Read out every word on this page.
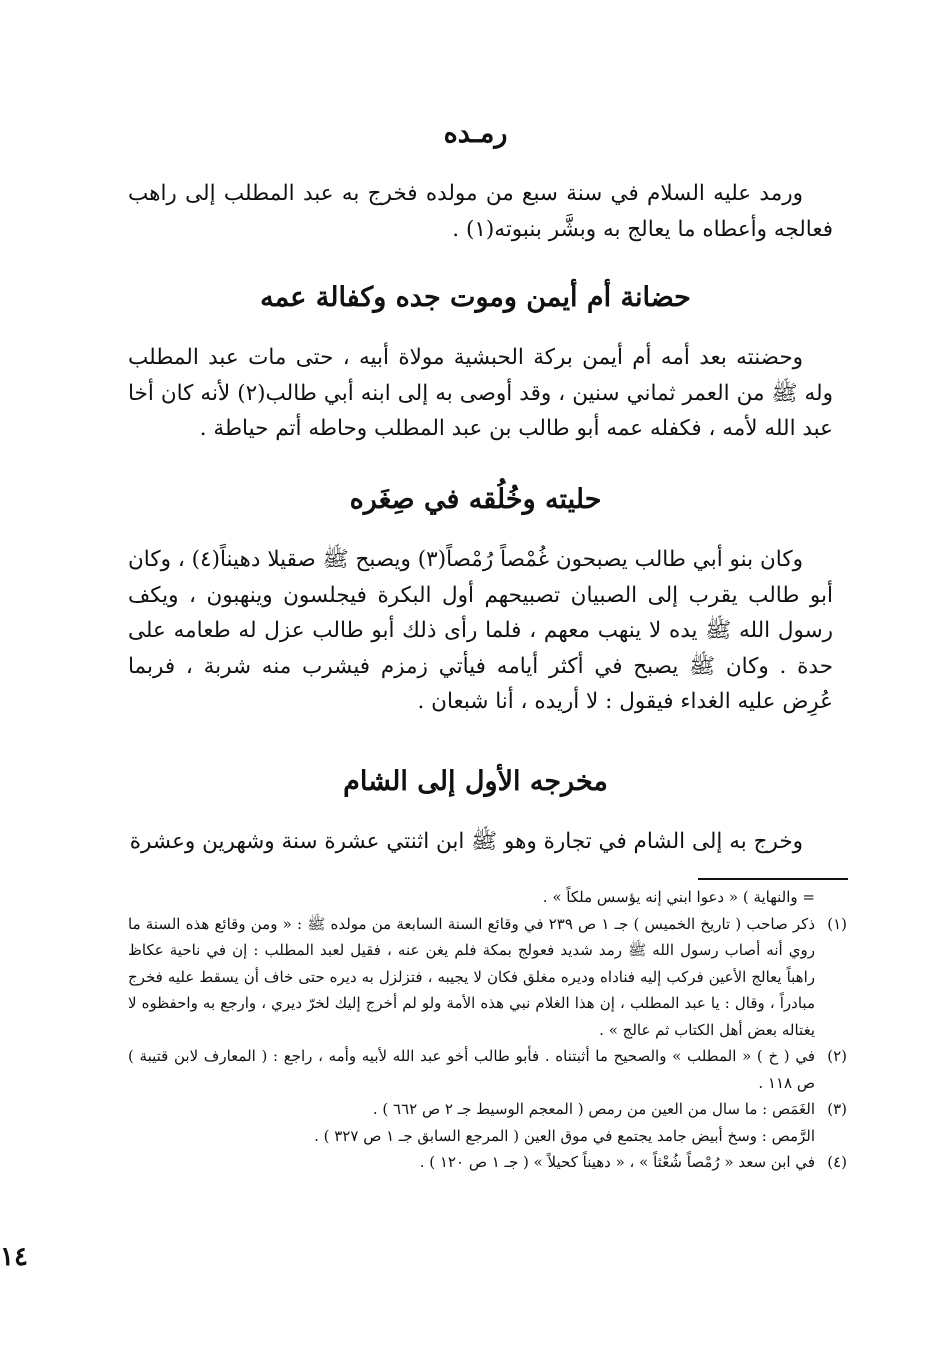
رمـده
ورمد عليه السلام في سنة سبع من مولده فخرج به عبد المطلب إلى راهب فعالجه وأعطاه ما يعالج به وبشَّر بنبوته(١) .
حضانة أم أيمن وموت جده وكفالة عمه
وحضنته بعد أمه أم أيمن بركة الحبشية مولاة أبيه ، حتى مات عبد المطلب وله ﷺ من العمر ثماني سنين ، وقد أوصى به إلى ابنه أبي طالب(٢) لأنه كان أخا عبد الله لأمه ، فكفله عمه أبو طالب بن عبد المطلب وحاطه أتم حياطة .
حليته وخُلُقه في صِغَره
وكان بنو أبي طالب يصبحون غُمْصاً رُمْصاً(٣) ويصبح ﷺ صقيلا دهيناً(٤) ، وكان أبو طالب يقرب إلى الصبيان تصبيحهم أول البكرة فيجلسون وينهبون ، ويكف رسول الله ﷺ يده لا ينهب معهم ، فلما رأى ذلك أبو طالب عزل له طعامه على حدة . وكان ﷺ يصبح في أكثر أيامه فيأتي زمزم فيشرب منه شربة ، فربما عُرِض عليه الغداء فيقول : لا أريده ، أنا شبعان .
مخرجه الأول إلى الشام
وخرج به إلى الشام في تجارة وهو ﷺ ابن اثنتي عشرة سنة وشهرين وعشرة
= والنهاية ) « دعوا ابني إنه يؤسس ملكاً » .
(١)
ذكر صاحب ( تاريخ الخميس ) جـ ١ ص ٢٣٩ في وقائع السنة السابعة من مولده ﷺ : « ومن وقائع هذه السنة ما روي أنه أصاب رسول الله ﷺ رمد شديد فعولج بمكة فلم يغن عنه ، فقيل لعبد المطلب : إن في ناحية عكاظ راهباً يعالج الأعين فركب إليه فناداه وديره مغلق فكان لا يجيبه ، فتزلزل به ديره حتى خاف أن يسقط عليه فخرج مبادراً ، وقال : يا عبد المطلب ، إن هذا الغلام نبي هذه الأمة ولو لم أخرج إليك لخرّ ديري ، وارجع به واحفظوه لا يغتاله بعض أهل الكتاب ثم عالج » .
(٢)
في ( خ ) « المطلب » والصحيح ما أثبتناه . فأبو طالب أخو عبد الله لأبيه وأمه ، راجع : ( المعارف لابن قتيبة ) ص ١١٨ .
(٣)
الغَمَص : ما سال من العين من رمص ( المعجم الوسيط جـ ٢ ص ٦٦٢ ) .
الرَّمص : وسخ أبيض جامد يجتمع في موق العين ( المرجع السابق جـ ١ ص ٣٢٧ ) .
(٤)
في ابن سعد « رُمْصاً شُعْثاً » ، « دهيناً كحيلاً » ( جـ ١ ص ١٢٠ ) .
١٤
